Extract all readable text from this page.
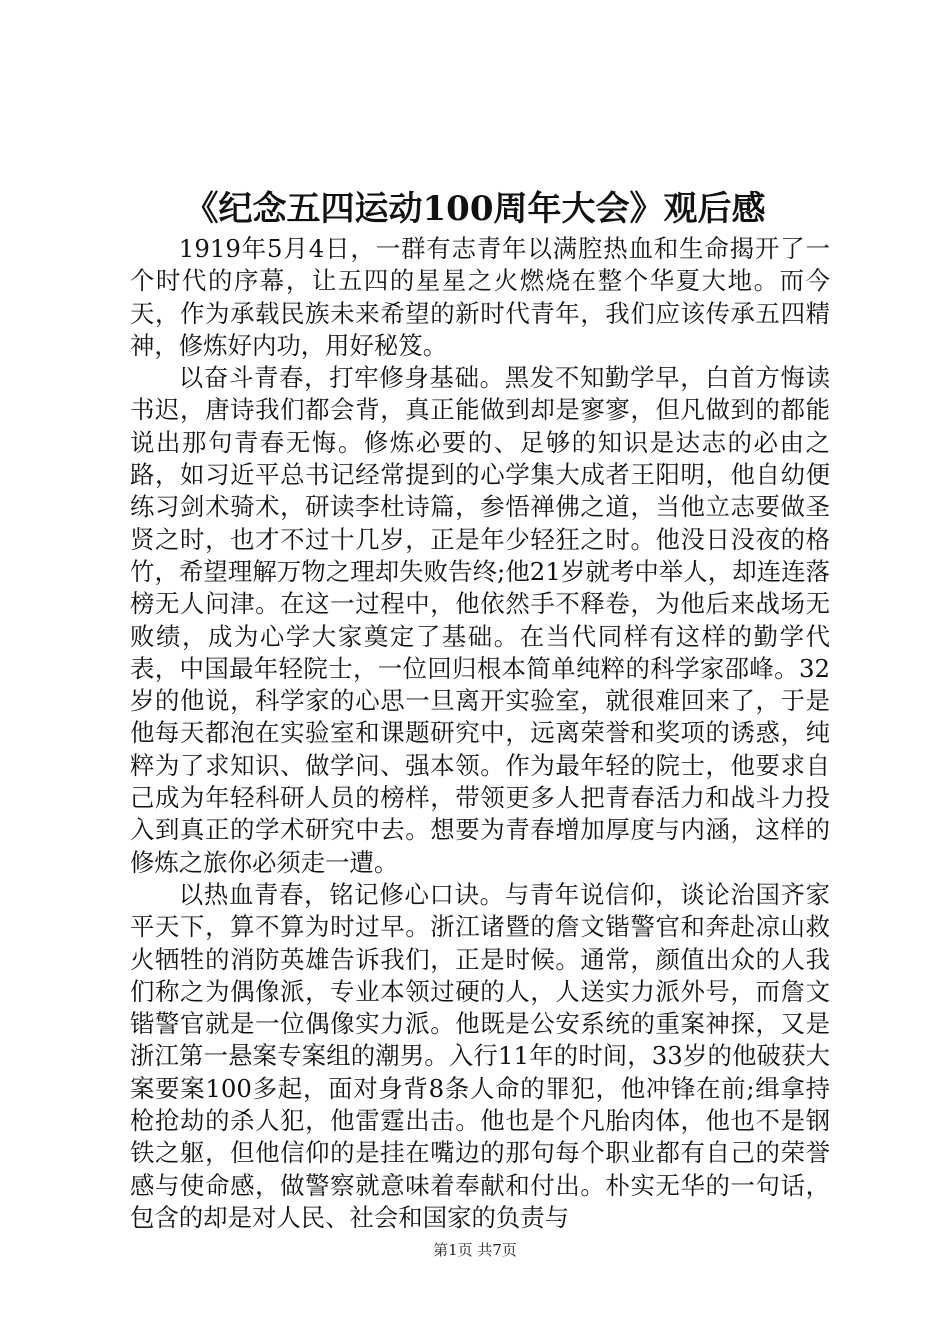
《纪念五四运动100周年大会》观后感

1919年5月4日，一群有志青年以满腔热血和生命揭开了一个时代的序幕，让五四的星星之火燃烧在整个华夏大地。而今天，作为承载民族未来希望的新时代青年，我们应该传承五四精神，修炼好内功，用好秘笈。

以奋斗青春，打牢修身基础。黑发不知勤学早，白首方悔读书迟，唐诗我们都会背，真正能做到却是寥寥，但凡做到的都能说出那句青春无悔。修炼必要的、足够的知识是达志的必由之路，如习近平总书记经常提到的心学集大成者王阳明，他自幼便练习剑术骑术，研读李杜诗篇，参悟禅佛之道，当他立志要做圣贤之时，也才不过十几岁，正是年少轻狂之时。他没日没夜的格竹，希望理解万物之理却失败告终;他21岁就考中举人，却连连落榜无人问津。在这一过程中，他依然手不释卷，为他后来战场无败绩，成为心学大家奠定了基础。在当代同样有这样的勤学代表，中国最年轻院士，一位回归根本简单纯粹的科学家邵峰。32岁的他说，科学家的心思一旦离开实验室，就很难回来了，于是他每天都泡在实验室和课题研究中，远离荣誉和奖项的诱惑，纯粹为了求知识、做学问、强本领。作为最年轻的院士，他要求自己成为年轻科研人员的榜样，带领更多人把青春活力和战斗力投入到真正的学术研究中去。想要为青春增加厚度与内涵，这样的修炼之旅你必须走一遭。

以热血青春，铭记修心口诀。与青年说信仰，谈论治国齐家平天下，算不算为时过早。浙江诸暨的詹文锴警官和奔赴凉山救火牺牲的消防英雄告诉我们，正是时候。通常，颜值出众的人我们称之为偶像派，专业本领过硬的人，人送实力派外号，而詹文锴警官就是一位偶像实力派。他既是公安系统的重案神探，又是浙江第一悬案专案组的潮男。入行11年的时间，33岁的他破获大案要案100多起，面对身背8条人命的罪犯，他冲锋在前;缉拿持枪抢劫的杀人犯，他雷霆出击。他也是个凡胎肉体，他也不是钢铁之躯，但他信仰的是挂在嘴边的那句每个职业都有自己的荣誉感与使命感，做警察就意味着奉献和付出。朴实无华的一句话，包含的却是对人民、社会和国家的负责与

第1页 共7页
